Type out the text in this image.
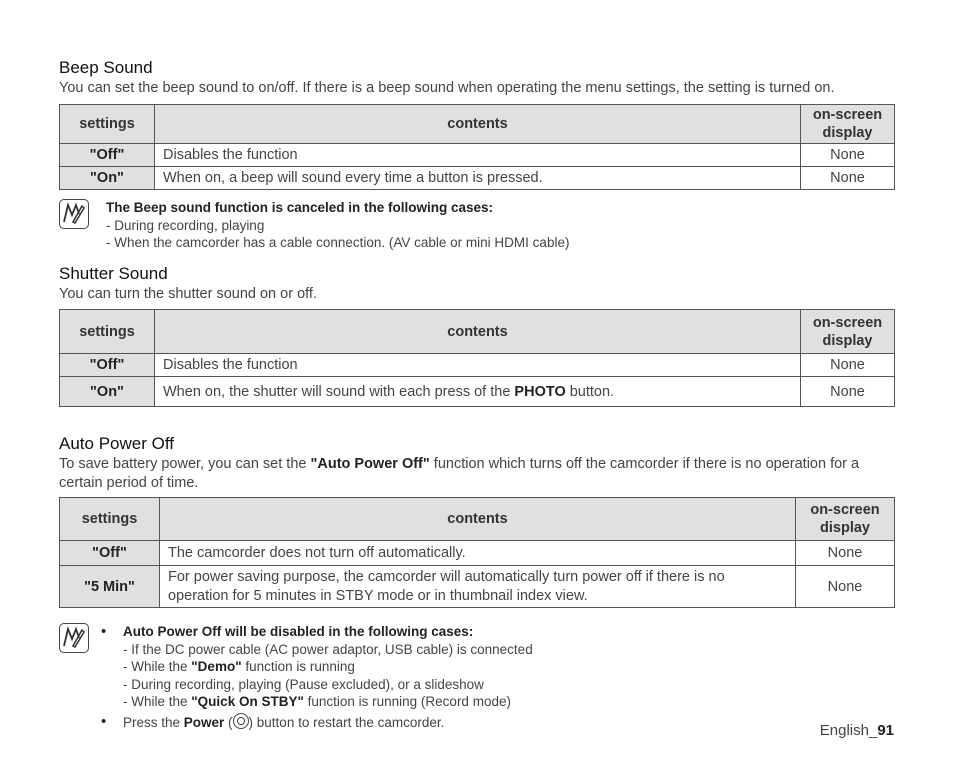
Beep Sound
You can set the beep sound to on/off. If there is a beep sound when operating the menu settings, the setting is turned on.
settings	contents	on-screen display
"Off"	Disables the function	None
"On"	When on, a beep will sound every time a button is pressed.	None
The Beep sound function is canceled in the following cases:
- During recording, playing
- When the camcorder has a cable connection. (AV cable or mini HDMI cable)
Shutter Sound
You can turn the shutter sound on or off.
settings	contents	on-screen display
"Off"	Disables the function	None
"On"	When on, the shutter will sound with each press of the PHOTO button.	None
Auto Power Off
To save battery power, you can set the "Auto Power Off" function which turns off the camcorder if there is no operation for a certain period of time.
settings	contents	on-screen display
"Off"	The camcorder does not turn off automatically.	None
"5 Min"	For power saving purpose, the camcorder will automatically turn power off if there is no operation for 5 minutes in STBY mode or in thumbnail index view.	None
• Auto Power Off will be disabled in the following cases:
- If the DC power cable (AC power adaptor, USB cable) is connected
- While the "Demo" function is running
- During recording, playing (Pause excluded), or a slideshow
- While the "Quick On STBY" function is running (Record mode)
• Press the Power ( ) button to restart the camcorder.	English_91
